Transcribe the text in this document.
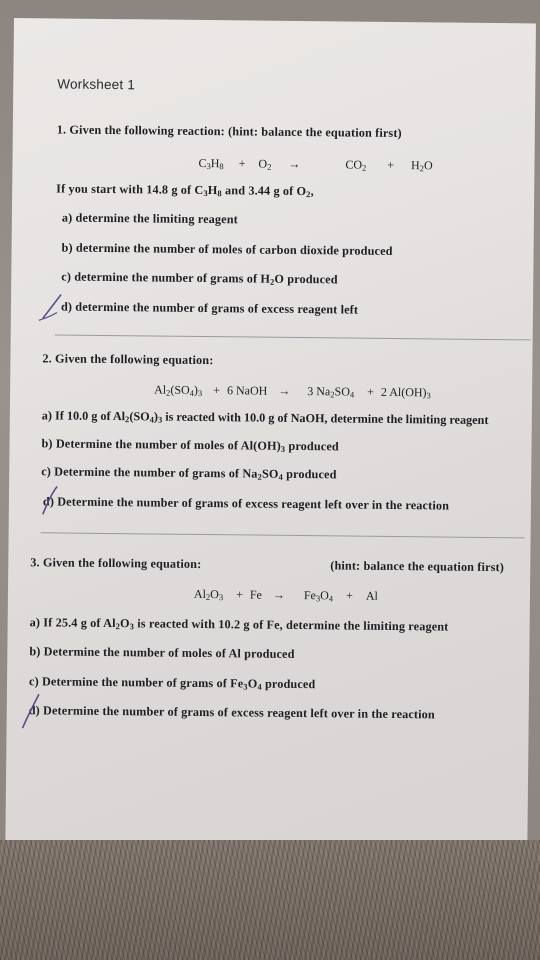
Worksheet 1
1. Given the following reaction: (hint: balance the equation first)
$C_3H_8 + O_2$ →	$CO_2 + H_2O$
If you start with 14.8 g of $C_3H_8$ and 3.44 g of $O_2$,
a) determine the limiting reagent
b) determine the number of moles of carbon dioxide produced
c) determine the number of grams of $H_2O$ produced
d) determine the number of grams of excess reagent left
2. Given the following equation:
$Al_2(SO_4)_3 + 6$ NaOH → 3 $Na_2SO_4 + 2$ $Al(OH)_3$
a) If 10.0 g of $Al_2(SO_4)_3$ is reacted with 10.0 g of NaOH, determine the limiting reagent
b) Determine the number of moles of $Al(OH)_3$ produced
c) Determine the number of grams of $Na_2SO_4$ produced
d) Determine the number of grams of excess reagent left over in the reaction
3. Given the following equation:	(hint: balance the equation first)
$Al_2O_3 + Fe \to Fe_3O_4 + Al$
a) If 25.4 g of $Al_2O_3$ is reacted with 10.2 g of Fe, determine the limiting reagent
b) Determine the number of moles of Al produced
c) Determine the number of grams of $Fe_3O_4$ produced
d) Determine the number of grams of excess reagent left over in the reaction
